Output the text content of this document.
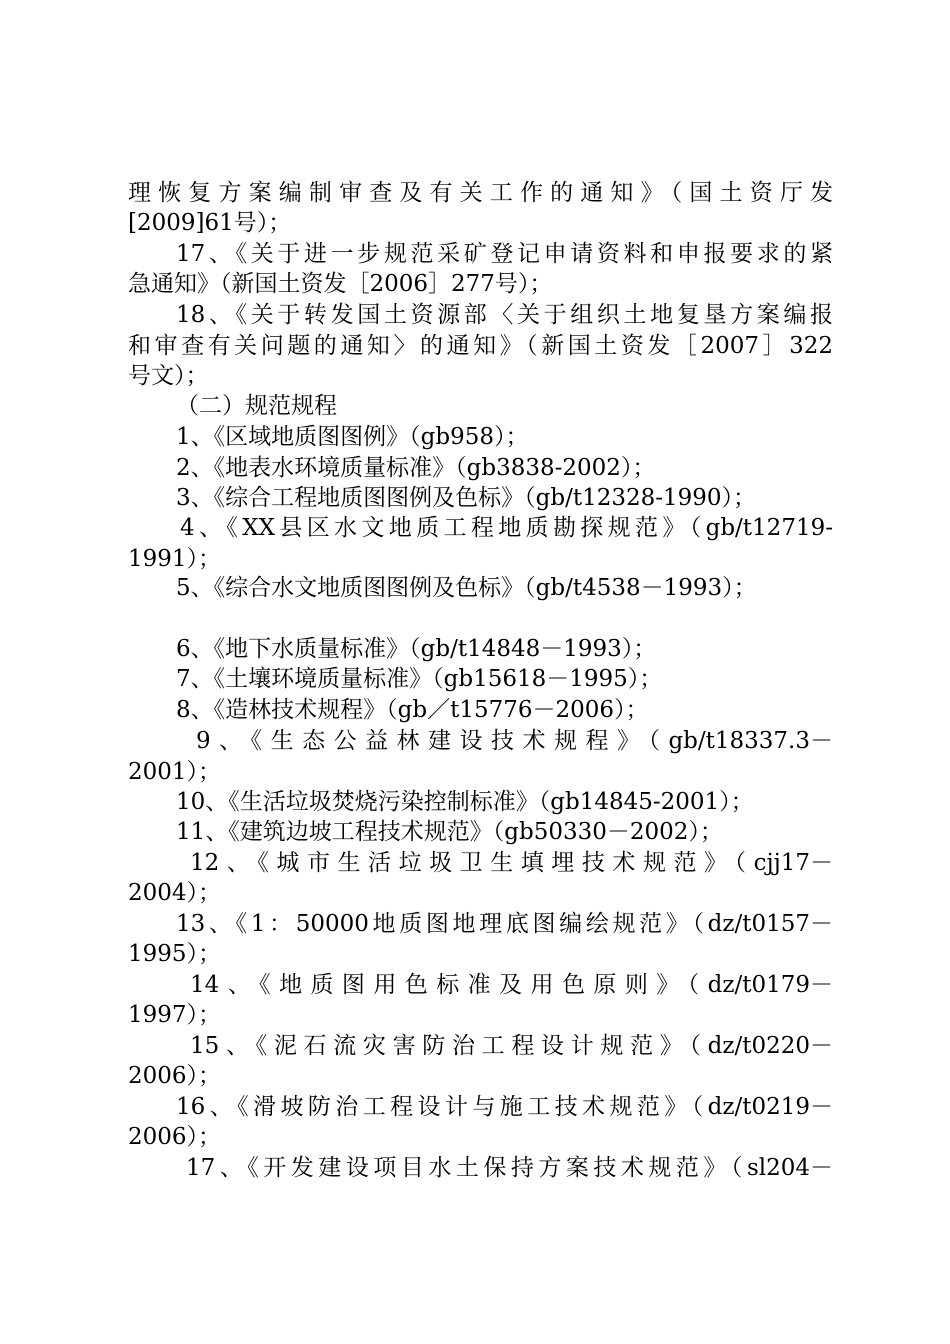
理恢复方案编制审查及有关工作的通知》（国土资厅发
[2009]61号）；
17、《关于进一步规范采矿登记申请资料和申报要求的紧
急通知》（新国土资发［2006］277号）；
18、《关于转发国土资源部〈关于组织土地复垦方案编报
和审查有关问题的通知〉的通知》（新国土资发［2007］322
号文）；
（二）规范规程
1、《区域地质图图例》（gb958）；
2、《地表水环境质量标准》（gb3838-2002）；
3、《综合工程地质图图例及色标》（gb/t12328-1990）；
4、《XX县区水文地质工程地质勘探规范》（gb/t12719-
1991）；
5、《综合水文地质图图例及色标》（gb/t4538－1993）；
6、《地下水质量标准》（gb/t14848－1993）；
7、《土壤环境质量标准》（gb15618－1995）；
8、《造林技术规程》（gb／t15776－2006）；
9、《生态公益林建设技术规程》（gb/t18337.3－
2001）；
10、《生活垃圾焚烧污染控制标准》（gb14845-2001）；
11、《建筑边坡工程技术规范》（gb50330－2002）；
12、《城市生活垃圾卫生填埋技术规范》（cjj17－
2004）；
13、《1：50000地质图地理底图编绘规范》（dz/t0157－
1995）；
14、《地质图用色标准及用色原则》（dz/t0179－
1997）；
15、《泥石流灾害防治工程设计规范》（dz/t0220－
2006）；
16、《滑坡防治工程设计与施工技术规范》（dz/t0219－
2006）；
17、《开发建设项目水土保持方案技术规范》（sl204－
